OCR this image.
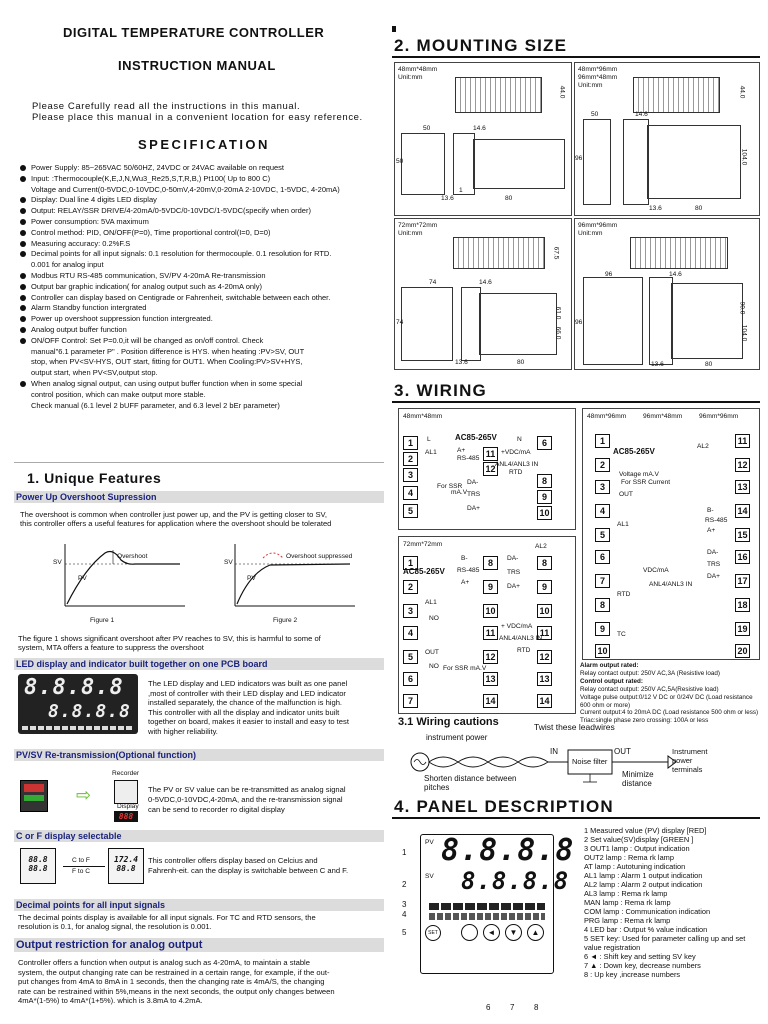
DIGITAL TEMPERATURE CONTROLLER
INSTRUCTION MANUAL
Please Carefully read all the instructions in this manual.
Please place this manual in a convenient location for easy reference.
SPECIFICATION
Power Supply: 85~265VAC 50/60HZ, 24VDC or 24VAC available on request
Input: :Thermocouple(K,E,J,N,Wu3_Re25,S,T,R,B,) Pt100( Up to 800 C)
Voltage and Current(0-5VDC,0-10VDC,0-50mV,4-20mV,0-20mA 2-10VDC, 1-5VDC, 4-20mA)
Display: Dual line 4 digits LED display
Output: RELAY/SSR DRIVE/4-20mA/0-5VDC/0-10VDC/1-5VDC(specify when order)
Power consumption: 5VA maximum
Control method: PID, ON/OFF(P=0), Time proportional control(I=0, D=0)
Measuring accuracy: 0.2%F.S
Decimal points for all input signals: 0.1 resolution for thermocouple. 0.1 resolution for RTD.
0.001 for analog input
Modbus RTU RS-485 communication, SV/PV 4-20mA Re-transmission
Output bar graphic indication( for analog output such as 4-20mA only)
Controller can display based on Centigrade or Fahrenheit, switchable between each other.
Alarm Standby function intergrated
Power up overshoot suppression function intergreated.
Analog output buffer function
ON/OFF Control: Set P=0.0,it will be changed as on/off control. Check
manual"6.1 parameter P" . Position difference is HYS. when heating :PV>SV, OUT
stop, when PV<SV-HYS, OUT start, fitting for OUT1. When Cooling:PV>SV+HYS,
output start, when PV<SV,output stop.
When analog signal output, can using output buffer function when in some special
control position, which can make output more stable.
Check manual (6.1 level 2 bUFF parameter, and 6.3 level 2 bEr parameter)
1. Unique Features
Power Up Overshoot Supression
The overshoot is common when controller just power up, and the PV is getting closer to SV,
this controller offers a useful features for application where the overshoot should be tolerated
SV
PV
Overshoot
SV
PV
Overshoot suppressed
Figure 1	Figure 2
The figure 1 shows significant overshoot after PV reaches to SV, this is harmful to some of
system, MTA offers a feature to suppress the overshoot
LED display and indicator built together on one PCB board
8.8.8.8
8.8.8.8
The LED display and LED indicators was built as one panel
,most of controller with their LED display and LED indicator
installed separately, the chance of the malfunction is high.
This controller with all the display and indicator units built
together on board, makes it easier to install and easy to test
with higher reliability.
PV/SV Re-transmission(Optional function)
⇨
Recorder
Display
888
The PV or SV value can be re-transmitted as analog signal
0-5VDC,0-10VDC,4-20mA, and the re-transmission signal
can be send to recorder ro digital display
C or F display selectable
88.8
88.8
C to F
F to C
172.4
88.8
This controller offers display based on Celcius and
Fahrenh-eit. can the display is switchable between C and F.
Decimal points for all input signals
The decimal points display is available for all input signals. For TC and RTD sensors, the
resolution is 0.1, for analog signal, the resolution is 0.001.
Output restriction for analog output
Controller offers a function when output is analog such as 4-20mA, to maintain a stable
system, the output changing rate can be restrained in a certain range, for example, if the out-
put changes from 4mA to 8mA in 1 seconds, then the changing rate is 4mA/S, the changing
rate can be restrained within 5%,means in the next seconds, the output only changes between
4mA*(1-5%) to 4mA*(1+5%). which is 3.8mA to 4.2mA.
2. MOUNTING SIZE
48mm*48mm
Unit:mm
44.0
50
50
14.6
80
1
13.6
48mm*96mm
96mm*48mm
Unit:mm
44.0
50
96
14.6
80
13.6
104.0
72mm*72mm
Unit:mm
67.5
74
74
14.6
80
13.6
61.0
66.0
96mm*96mm
Unit:mm
96
96
14.6
80
13.6
90.0
104.0
3. WIRING
48mm*48mm
1	L	AC85-265V	N	6
2
3
4
5
11
12
8
9
10
A+
RS-485
+VDC/mA
ANL4/ANL3 IN
RTD
AL1
DA-
TRS
DA+
For SSR
mA.V
72mm*72mm
AC85-265V
1
2
3
4
5
6
7
8
9
10
11
12
13
14
8
9
10
11
12
13
14
B-
RS-485
A+
DA-
TRS
DA+
AL2
AL1
NO
+ VDC/mA
ANL4/ANL3 IN
RTD
OUT
NO For SSR mA.V
48mm*96mm	96mm*48mm	96mm*96mm
AC85-265V
1
2
3
4
5
6
7
8
9
10
11
12
13
14
15
16
17
18
19
20
AL2
Voltage mA.V
For SSR Current
OUT
AL1
B-
RS-485
A+
DA-
TRS
DA+
VDC/mA
ANL4/ANL3 IN
RTD
TC
Alarm output rated:
Relay contact output: 250V AC,3A (Resistive load)
Control output rated:
Relay contact output: 250V AC,5A(Resistive load)
Voltage pulse output:0/12 V DC or 0/24V DC (Load resistance
600 ohm or more)
Current output:4 to 20mA DC (Load resistance 500 ohm or less)
Triac:single phase zero crossing: 100A or less
3.1 Wiring cautions	Twist these leadwires
instrument power
IN	OUT
Noise filter
Instrument
power
terminals
Shorten distance between
pitches
Minimize
distance
4. PANEL DESCRIPTION
PV 8.8.8.8
SV 8.8.8.8
SET	◄	▼	▲
1
2
3
4
5
6 7 8
1 Measured value (PV) display [RED]
2 Set value(SV)display [GREEN ]
3 OUT1 lamp : Output indication
OUT2 lamp : Rema rk lamp
AT lamp : Autotuning indication
AL1 lamp : Alarm 1 output indication
AL2 lamp : Alarm 2 output indication
AL3 lamp : Rema rk lamp
MAN lamp : Rema rk lamp
COM lamp : Communication indication
PRG lamp : Rema rk lamp
4 LED bar : Output % value indication
5 SET key: Used for parameter calling up and set
value registration
6 ◄ : Shift key and setting SV key
7 ▲ : Down key, decrease numbers
8 : Up key ,increase numbers
